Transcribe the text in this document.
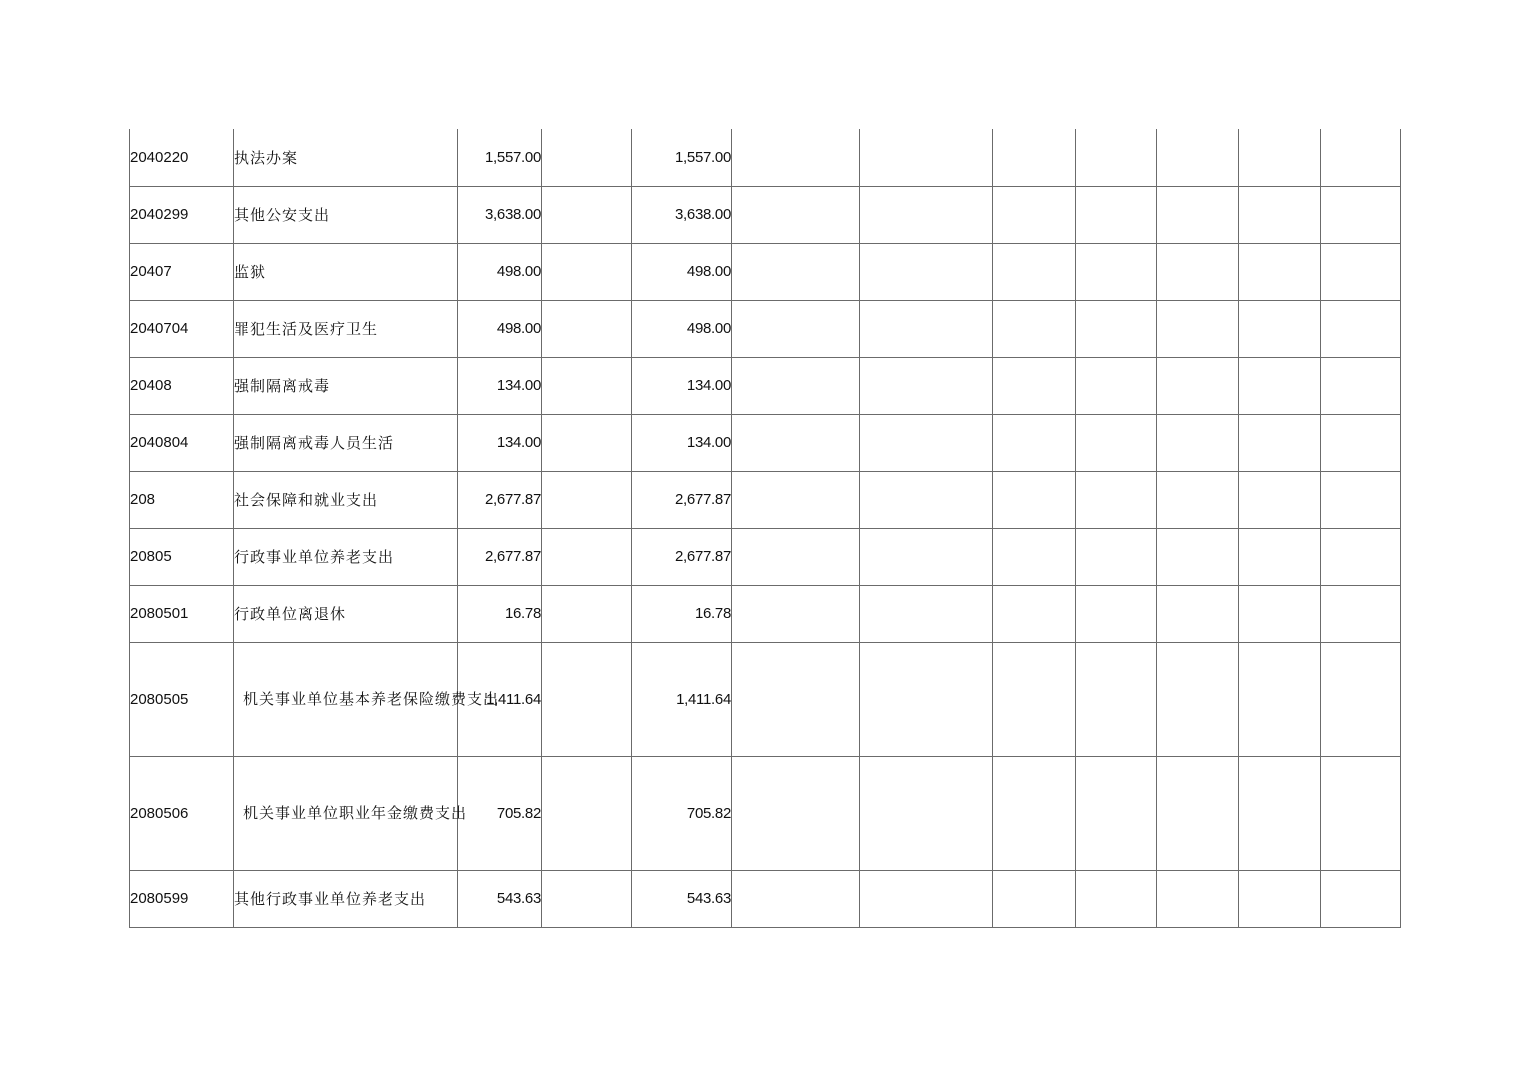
2040220	执法办案	1,557.00		1,557.00							
2040299	其他公安支出	3,638.00		3,638.00							
20407	监狱	498.00		498.00							
2040704	罪犯生活及医疗卫生	498.00		498.00							
20408	强制隔离戒毒	134.00		134.00							
2040804	强制隔离戒毒人员生活	134.00		134.00							
208	社会保障和就业支出	2,677.87		2,677.87							
20805	行政事业单位养老支出	2,677.87		2,677.87							
2080501	行政单位离退休	16.78		16.78							
2080505	机关事业单位基本养老保险缴费支出	1,411.64		1,411.64							
2080506	机关事业单位职业年金缴费支出	705.82		705.82							
2080599	其他行政事业单位养老支出	543.63		543.63							
